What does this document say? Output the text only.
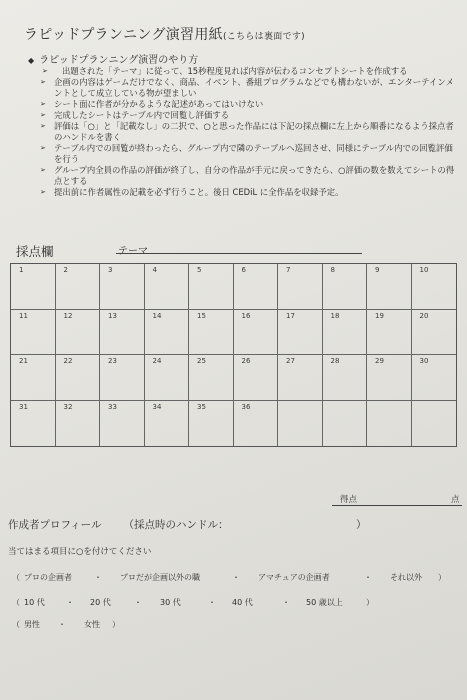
ラピッドプランニング演習用紙(こちらは裏面です)
◆ ラピッドプランニング演習のやり方
➢ 出題された「テーマ」に従って、15秒程度見れば内容が伝わるコンセプトシートを作成する
➢ 企画の内容はゲームだけでなく、商品、イベント、番組プログラムなどでも構わないが、エンターテインメントとして成立している物が望ましい
➢ シート面に作者が分かるような記述があってはいけない
➢ 完成したシートはテーブル内で回覧し評価する
➢ 評価は「○」と「記載なし」の二択で、○と思った作品には下記の採点欄に左上から順番になるよう採点者のハンドルを書く
➢ テーブル内での回覧が終わったら、グループ内で隣のテーブルへ巡回させ、同様にテーブル内での回覧評価を行う
➢ グループ内全員の作品の評価が終了し、自分の作品が手元に戻ってきたら、○評価の数を数えてシートの得点とする
➢ 提出前に作者属性の記載を必ず行うこと。後日 CEDiL に全作品を収録予定。
採点欄	テーマ
1	2	3	4	5	6	7	8	9	10
11	12	13	14	15	16	17	18	19	20
21	22	23	24	25	26	27	28	29	30
31	32	33	34	35	36
得点	点
作成者プロフィール （採点時のハンドル：	）
当てはまる項目に○を付けてください
（ プロの企画者	・ プロだが企画以外の職	・ アマチュアの企画者	・ それ以外 ）
（ 10 代	・ 20 代	・ 30 代	・ 40 代	・ 50 歳以上	）
（ 男性 ・ 女性 ）
